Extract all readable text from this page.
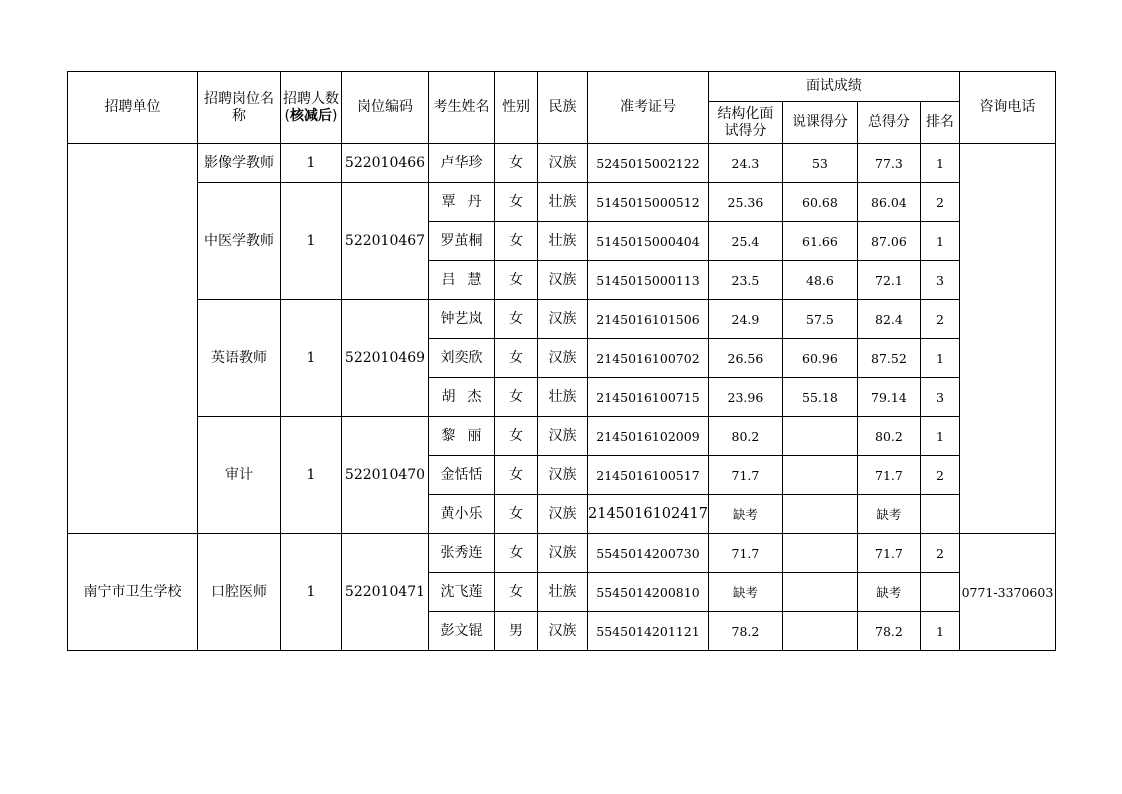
招聘单位	招聘岗位名称	招聘人数(核减后)	岗位编码	考生姓名	性别	民族	准考证号	面试成绩				咨询电话
								结构化面试得分	说课得分	总得分	排名	
	影像学教师	1	522010466	卢华珍	女	汉族	5245015002122	24.3	53	77.3	1	
	中医学教师	1	522010467	覃丹	女	壮族	5145015000512	25.36	60.68	86.04	2	
				罗茧桐	女	壮族	5145015000404	25.4	61.66	87.06	1	
				吕慧	女	汉族	5145015000113	23.5	48.6	72.1	3	
	英语教师	1	522010469	钟艺岚	女	汉族	2145016101506	24.9	57.5	82.4	2	
				刘奕欣	女	汉族	2145016100702	26.56	60.96	87.52	1	
				胡杰	女	壮族	2145016100715	23.96	55.18	79.14	3	
	审计	1	522010470	黎丽	女	汉族	2145016102009	80.2		80.2	1	
				金恬恬	女	汉族	2145016100517	71.7		71.7	2	
				黄小乐	女	汉族	2145016102417	缺考		缺考		
南宁市卫生学校	口腔医师	1	522010471	张秀连	女	汉族	5545014200730	71.7		71.7	2	0771-3370603
				沈飞莲	女	壮族	5545014200810	缺考		缺考		
				彭文锟	男	汉族	5545014201121	78.2		78.2	1	
